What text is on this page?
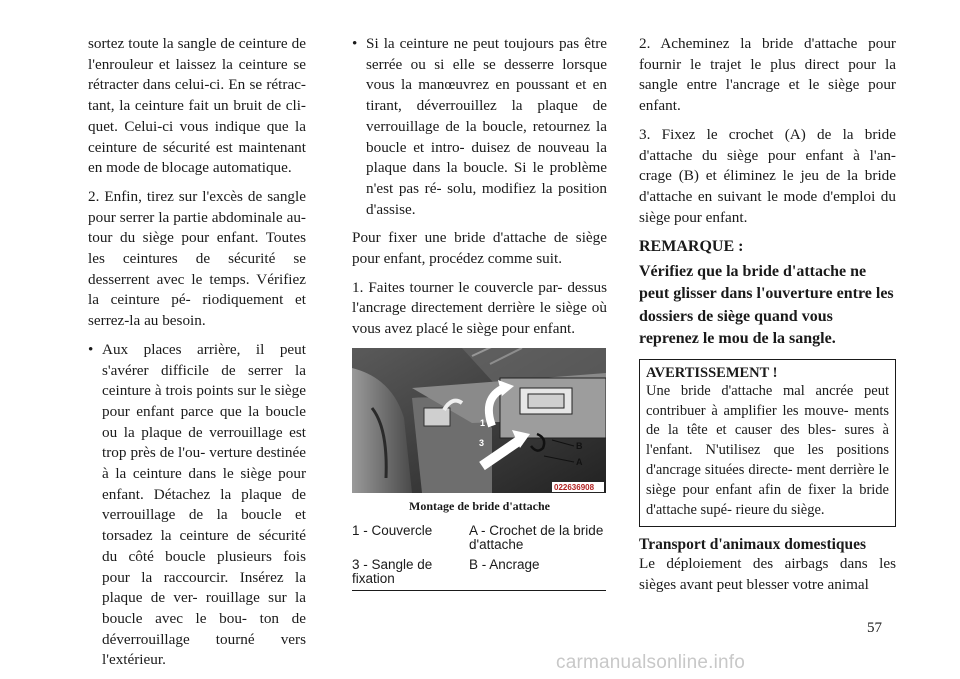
sortez toute la sangle de ceinture de l'enrouleur et laissez la ceinture se rétracter dans celui-ci. En se rétrac- tant, la ceinture fait un bruit de cli- quet. Celui-ci vous indique que la ceinture de sécurité est maintenant en mode de blocage automatique.

2. Enfin, tirez sur l'excès de sangle pour serrer la partie abdominale au- tour du siège pour enfant. Toutes les ceintures de sécurité se desserrent avec le temps. Vérifiez la ceinture pé- riodiquement et serrez-la au besoin.

• Aux places arrière, il peut s'avérer difficile de serrer la ceinture à trois points sur le siège pour enfant parce que la boucle ou la plaque de verrouillage est trop près de l'ou- verture destinée à la ceinture dans le siège pour enfant. Détachez la plaque de verrouillage de la boucle et torsadez la ceinture de sécurité du côté boucle plusieurs fois pour la raccourcir. Insérez la plaque de ver- rouillage sur la boucle avec le bou- ton de déverrouillage tourné vers l'extérieur.

• Si la ceinture ne peut toujours pas être serrée ou si elle se desserre lorsque vous la manœuvrez en poussant et en tirant, déverrouillez la plaque de verrouillage de la boucle, retournez la boucle et intro- duisez de nouveau la plaque dans la boucle. Si le problème n'est pas ré- solu, modifiez la position d'assise.

Pour fixer une bride d'attache de siège pour enfant, procédez comme suit.

1. Faites tourner le couvercle par- dessus l'ancrage directement derrière le siège où vous avez placé le siège pour enfant.

1
2
3	B
A
022636908
Montage de bride d'attache
1 - Couvercle	A - Crochet de la bride d'attache
3 - Sangle de fixation	B - Ancrage

2. Acheminez la bride d'attache pour fournir le trajet le plus direct pour la sangle entre l'ancrage et le siège pour enfant.

3. Fixez le crochet (A) de la bride d'attache du siège pour enfant à l'an- crage (B) et éliminez le jeu de la bride d'attache en suivant le mode d'emploi du siège pour enfant.

REMARQUE :

Vérifiez que la bride d'attache ne peut glisser dans l'ouverture entre les dossiers de siège quand vous reprenez le mou de la sangle.

AVERTISSEMENT !
Une bride d'attache mal ancrée peut contribuer à amplifier les mouve- ments de la tête et causer des bles- sures à l'enfant. N'utilisez que les positions d'ancrage situées directe- ment derrière le siège pour enfant afin de fixer la bride d'attache supé- rieure du siège.

Transport d'animaux domestiques

Le déploiement des airbags dans les sièges avant peut blesser votre animal

57
carmanualsonline.info
